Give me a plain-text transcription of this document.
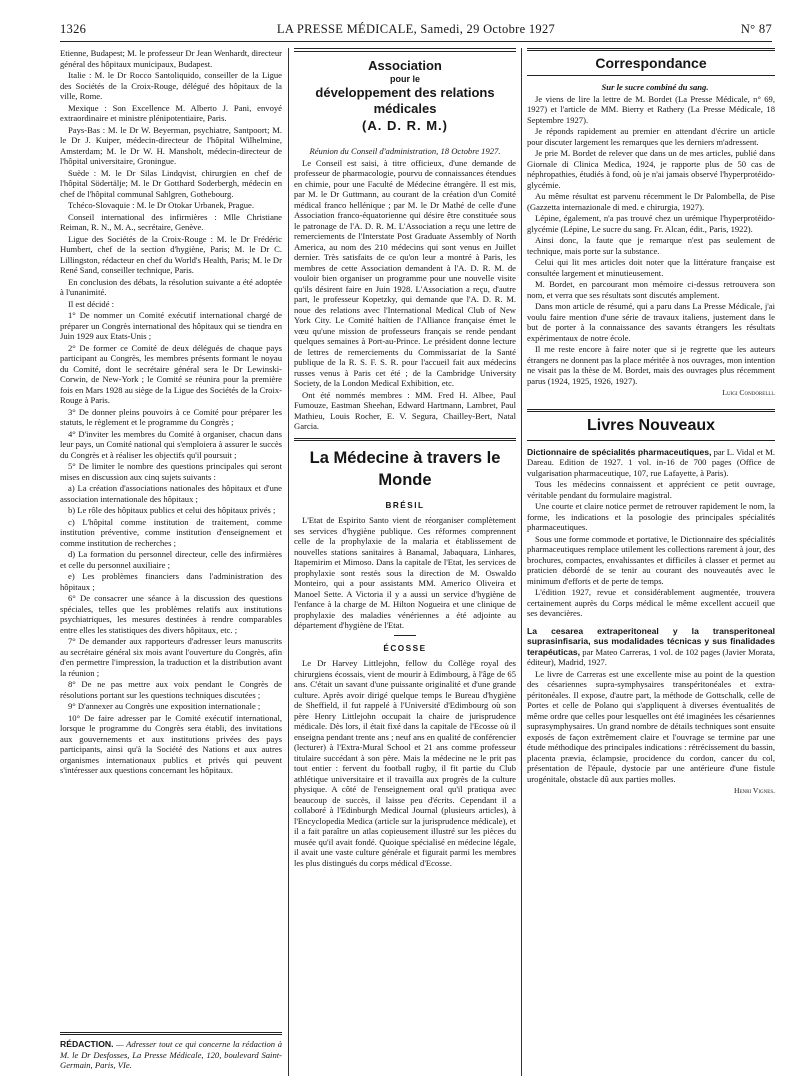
1326	LA PRESSE MÉDICALE, Samedi, 29 Octobre 1927	N° 87

Etienne, Budapest; M. le professeur Dr Jean Wenhardt, directeur général des hôpitaux municipaux, Budapest.

Italie : M. le Dr Rocco Santoliquido, conseiller de la Ligue des Sociétés de la Croix-Rouge, délégué des hôpitaux de la ville, Rome.

Mexique : Son Excellence M. Alberto J. Pani, envoyé extraordinaire et ministre plénipotentiaire, Paris.

Pays-Bas : M. le Dr W. Beyerman, psychiatre, Santpoort; M. le Dr J. Kuiper, médecin-directeur de l'hôpital Wilhelmine, Amsterdam; M. le Dr W. H. Mansholt, médecin-directeur de l'hôpital universitaire, Groningue.

Suède : M. le Dr Silas Lindqvist, chirurgien en chef de l'hôpital Södertälje; M. le Dr Gotthard Soderbergh, médecin en chef de l'hôpital communal Sahlgren, Gothebourg.

Tchéco-Slovaquie : M. le Dr Otokar Urbanek, Prague.

Conseil international des infirmières : Mlle Christiane Reiman, R. N., M. A., secrétaire, Genève.

Ligue des Sociétés de la Croix-Rouge : M. le Dr Frédéric Humbert, chef de la section d'hygiène, Paris; M. le Dr C. Lillingston, rédacteur en chef du World's Health, Paris; M. le Dr René Sand, conseiller technique, Paris.

En conclusion des débats, la résolution suivante a été adoptée à l'unanimité.

Il est décidé :

1° De nommer un Comité exécutif international chargé de préparer un Congrès international des hôpitaux qui se tiendra en Juin 1929 aux Etats-Unis ;

2° De former ce Comité de deux délégués de chaque pays participant au Congrès, les membres présents formant le noyau du Comité, dont le secrétaire général sera le Dr Lewinski-Corwin, de New-York ; le Comité se réunira pour la première fois en Mars 1928 au siège de la Ligue des Sociétés de la Croix-Rouge à Paris.

3° De donner pleins pouvoirs à ce Comité pour préparer les statuts, le règlement et le programme du Congrès ;

4° D'inviter les membres du Comité à organiser, chacun dans leur pays, un Comité national qui s'emploiera à assurer le succès du Congrès et à réaliser les objectifs qu'il poursuit ;

5° De limiter le nombre des questions principales qui seront mises en discussion aux cinq sujets suivants :

a) La création d'associations nationales des hôpitaux et d'une association internationale des hôpitaux ;

b) Le rôle des hôpitaux publics et celui des hôpitaux privés ;

c) L'hôpital comme institution de traitement, comme institution préventive, comme institution d'enseignement et comme institution de recherches ;

d) La formation du personnel directeur, celle des infirmières et celle du personnel auxiliaire ;

e) Les problèmes financiers dans l'administration des hôpitaux ;

6° De consacrer une séance à la discussion des questions spéciales, telles que les problèmes relatifs aux institutions psychiatriques, les mesures destinées à rendre comparables entre elles les statistiques des divers hôpitaux, etc. ;

7° De demander aux rapporteurs d'adresser leurs manuscrits au secrétaire général six mois avant l'ouverture du Congrès, afin d'en permettre l'impression, la traduction et la distribution avant la réunion ;

8° De ne pas mettre aux voix pendant le Congrès de résolutions portant sur les questions techniques discutées ;

9° D'annexer au Congrès une exposition internationale ;

10° De faire adresser par le Comité exécutif international, lorsque le programme du Congrès sera établi, des invitations aux gouvernements et aux institutions privées des pays participants, ainsi qu'à la Société des Nations et aux autres organismes internationaux publics et privés qui peuvent s'intéresser aux questions concernant les hôpitaux.

RÉDACTION. — Adresser tout ce qui concerne la rédaction à M. le Dr Desfosses, La Presse Médicale, 120, boulevard Saint-Germain, Paris, VIe.
Association
pour le
développement des relations médicales
(A. D. R. M.)

Réunion du Conseil d'administration, 18 Octobre 1927.

Le Conseil est saisi, à titre officieux, d'une demande de professeur de pharmacologie, pourvu de connaissances étendues en chimie, pour une Faculté de Médecine étrangère. Il est mis, par M. le Dr Guttmann, au courant de la création d'un Comité médical franco hellénique ; par M. le Dr Mathé de celle d'une Association franco-équatorienne qui désire être constituée sous le patronage de l'A. D. R. M. L'Association a reçu une lettre de remerciements de l'Interstate Post Graduate Assembly of North America, au nom des 210 médecins qui sont venus en Juillet dernier. Très satisfaits de ce qu'on leur a montré à Paris, les membres de cette Association demandent à l'A. D. R. M. de vouloir bien organiser un programme pour une nouvelle visite qu'ils désirent faire en Juin 1928. L'Association a reçu, d'autre part, le professeur Kopetzky, qui demande que l'A. D. R. M. noue des relations avec l'International Medical Club of New York City. Le Comité haïtien de l'Alliance française émet le vœu qu'une mission de professeurs français se rende pendant quelques semaines à Port-au-Prince. Le président donne lecture de lettres de remerciements du Commissariat de la Santé publique de la R. S. F. S. R. pour l'accueil fait aux médecins russes venus à Paris cet été ; de la Cambridge University Society, de la London Medical Exhibition, etc.

Ont été nommés membres : MM. Fred H. Albee, Paul Fumouze, Eastman Sheehan, Edward Hartmann, Lambret, Paul Mathieu, Louis Rocher, E. V. Segura, Chailley-Bert, Natal Garcia.

La Médecine à travers le Monde
BRÉSIL

L'Etat de Espirito Santo vient de réorganiser complètement ses services d'hygiène publique. Ces réformes comprennent celle de la prophylaxie de la malaria et établissement de nouvelles stations sanitaires à Banamal, Jabaquara, Linhares, Itapemirim et Mimoso. Dans la capitale de l'Etat, les services de prophylaxie sont restés sous la direction de M. Oswaldo Monteiro, qui a pour assistants MM. Americo Oliveira et Manoel Sette. A Victoria il y a aussi un service d'hygiène de l'enfance à la charge de M. Hilton Nogueira et une clinique de prophylaxie des maladies vénériennes a été adjointe au département d'hygiène de l'Etat.

ÉCOSSE

Le Dr Harvey Littlejohn, fellow du Collège royal des chirurgiens écossais, vient de mourir à Edimbourg, à l'âge de 65 ans. C'était un savant d'une puissante originalité et d'une grande culture. Après avoir dirigé quelque temps le Bureau d'hygiène de Sheffield, il fut rappelé à l'Université d'Edimbourg où son père Henry Littlejohn occupait la chaire de jurisprudence médicale. Dès lors, il était fixé dans la capitale de l'Ecosse où il enseigna pendant trente ans ; neuf ans en qualité de conférencier (lecturer) à l'Extra-Mural School et 21 ans comme professeur titulaire succédant à son père. Mais la médecine ne le prit pas tout entier : fervent du football rugby, il fit partie du Club athlétique universitaire et il travailla aux progrès de la culture physique. A côté de l'enseignement oral qu'il pratiqua avec beaucoup de succès, il laisse peu d'écrits. Cependant il a collaboré à l'Edinburgh Medical Journal (plusieurs articles), à l'Encyclopedia Medica (article sur la jurisprudence médicale), et il a fait paraître un atlas copieusement illustré sur les pièces du musée qu'il avait fondé. Quoique spécialisé en médecine légale, il avait une vaste culture générale et figurait parmi les membres les plus distingués du corps médical d'Ecosse.

Correspondance

Sur le sucre combiné du sang.

Je viens de lire la lettre de M. Bordet (La Presse Médicale, n° 69, 1927) et l'article de MM. Bierry et Rathery (La Presse Médicale, 18 Septembre 1927).

Je réponds rapidement au premier en attendant d'écrire un article pour discuter largement les remarques que les derniers m'adressent.

Je prie M. Bordet de relever que dans un de mes articles, publié dans Giornale di Clinica Medica, 1924, je rapporte plus de 50 cas de néphropathies, étudiés à fond, où je n'ai jamais observé l'hyperprotéido-glycémie.

Au même résultat est parvenu récemment le Dr Palombella, de Pise (Gazzetta internazionale di med. e chirurgia, 1927).

Lépine, également, n'a pas trouvé chez un urémique l'hyperprotéido-glycémie (Lépine, Le sucre du sang. Fr. Alcan, édit., Paris, 1922).

Ainsi donc, la faute que je remarque n'est pas seulement de technique, mais porte sur la substance.

Celui qui lit mes articles doit noter que la littérature française est consultée largement et minutieusement.

M. Bordet, en parcourant mon mémoire ci-dessus retrouvera son nom, et verra que ses résultats sont discutés amplement.

Dans mon article de résumé, qui a paru dans La Presse Médicale, j'ai voulu faire mention d'une série de travaux italiens, justement dans le but de porter à la connaissance des savants étrangers les résultats expérimentaux de notre école.

Il me reste encore à faire noter que si je regrette que les auteurs étrangers ne donnent pas la place méritée à nos ouvrages, mon intention ne visait pas la thèse de M. Bordet, mais des ouvrages plus récemment parus (1924, 1925, 1926, 1927).

Luigi Condorelli.

Livres Nouveaux

Dictionnaire de spécialités pharmaceutiques, par L. Vidal et M. Dareau. Edition de 1927. 1 vol. in-16 de 700 pages (Office de vulgarisation pharmaceutique, 107, rue Lafayette, à Paris).

Tous les médecins connaissent et apprécient ce petit ouvrage, véritable pendant du formulaire magistral.

Une courte et claire notice permet de retrouver rapidement le nom, la forme, les indications et la posologie des principales spécialités pharmaceutiques.

Sous une forme commode et portative, le Dictionnaire des spécialités pharmaceutiques remplace utilement les collections rarement à jour, des brochures, compactes, envahissantes et difficiles à classer et permet au praticien débordé de se tenir au courant des nouveautés avec le minimum d'efforts et de perte de temps.

L'édition 1927, revue et considérablement augmentée, trouvera certainement auprès du Corps médical le même excellent accueil que ses devancières.

La cesarea extraperitoneal y la transperitoneal suprasinfisaria, sus modalidades técnicas y sus finalidades terapéuticas, par Mateo Carreras, 1 vol. de 102 pages (Javier Morata, éditeur), Madrid, 1927.

Le livre de Carreras est une excellente mise au point de la question des césariennes supra-symphysaires transpéritonéales et extra-péritonéales. Il expose, d'autre part, la méthode de Gottschalk, celle de Portes et celle de Polano qui s'appliquent à diverses éventualités de même ordre que celles pour lesquelles ont été imaginées les césariennes suprasymphysaires. Un grand nombre de détails techniques sont ensuite exposés de façon extrêmement claire et l'ouvrage se termine par une étude méthodique des principales indications : rétrécissement du bassin, placenta prævia, éclampsie, procidence du cordon, cancer du col, présentation de l'épaule, dystocie par une antérieure d'une fistule urogénitale, obstacle dû aux parties molles.

Henri Vignes.
